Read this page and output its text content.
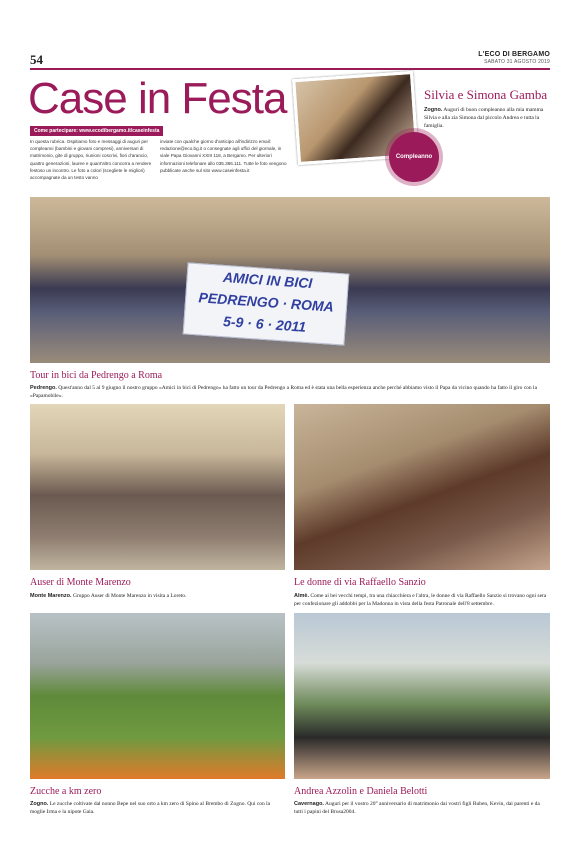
54	L'ECO DI BERGAMO
SABATO 31 AGOSTO 2019
Case in Festa
Come partecipare: www.ecodibergamo.it/caseinfesta
In questa rubrica. Ospitiamo foto e messaggi di auguri per compleanni (bambini e giovani compresi), anniversari di matrimonio, gite di gruppo, riunioni coscrivi, fiori d'arancio, quattro generazioni, lauree e quant'altro concorra a rendere festoso un incontro. Le foto a colori (scegliete le migliori) accompagnate da un testo vanno
inviate con qualche giorno d'anticipo all'indirizzo email: redazione@eco.bg.it o consegnate agli uffici del giornale, in viale Papa Giovanni XXIII 118, a Bergamo. Per ulteriori informazioni telefonare allo 035.386.111. Tutte le foto vengono pubblicate anche sul sito www.caseinfesta.it
Compleanno
Silvia e Simona Gamba
Zogno. Auguri di buon compleanno alla mia mamma Silvia e alla zia Simona dal piccolo Andrea e tutta la famiglia.
AMICI IN BICI
PEDRENGO · ROMA
5-9 · 6 · 2011
Tour in bici da Pedrengo a Roma
Pedrengo. Quest'anno dal 5 al 9 giugno il nostro gruppo «Amici in bici di Pedrengo» ha fatto un tour da Pedrengo a Roma ed è stata una bella esperienza anche perché abbiamo visto il Papa da vicino quando ha fatto il giro con la «Papamobile».
Auser di Monte Marenzo
Monte Marenzo. Gruppo Auser di Monte Marenzo in visita a Loreto.
Le donne di via Raffaello Sanzio
Almè. Come ai bei vecchi tempi, tra una chiacchiera e l'altra, le donne di via Raffaello Sanzio si trovano ogni sera per confezionare gli addobbi per la Madonna in vista della festa Patronale dell'8 settembre.
Zucche a km zero
Zogno. Le zucche coltivate dal nonno Bepe nel suo orto a km zero di Spino al Brembo di Zogno. Qui con la moglie Irma e la nipote Gaia.
Andrea Azzolin e Daniela Belotti
Cavernago. Auguri per il vostro 20° anniversario di matrimonio dai vostri figli Ruben, Kevin, dai parenti e da tutti i papini del Brusa2004.
